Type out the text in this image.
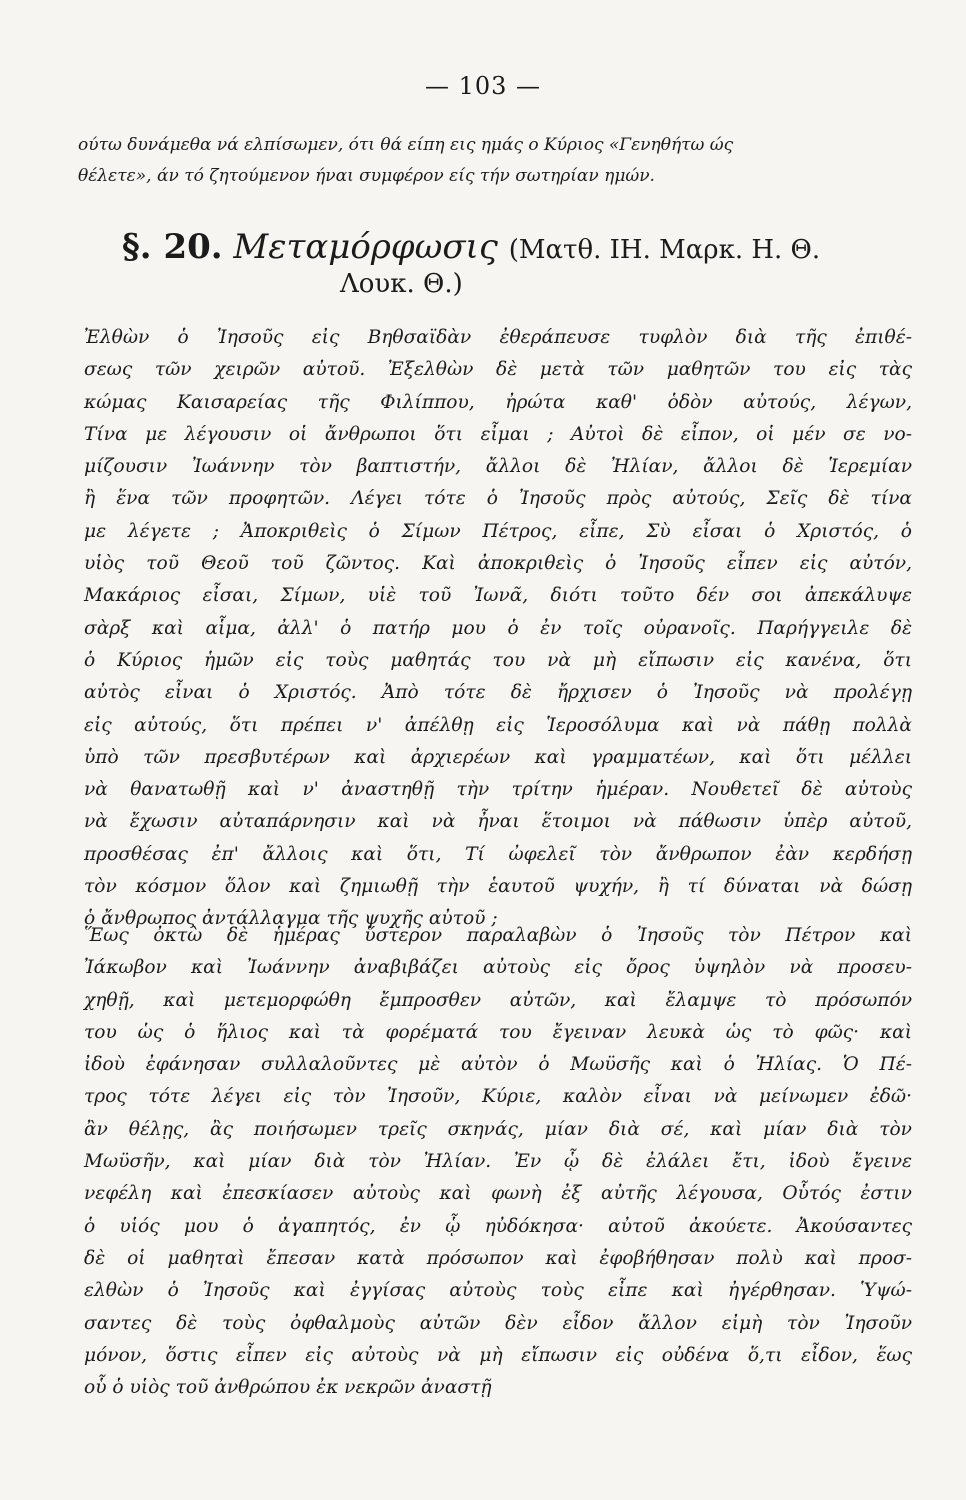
— 103 —
ούτω δυνάμεθα νά ελπίσωμεν, ότι θά είπη εις ημάς ο Κύριος «Γενηθήτω ώς
θέλετε», άν τό ζητούμενον ήναι συμφέρον είς τήν σωτηρίαν ημών.
§. 20. Μεταμόρφωσις (Ματθ. ΙΗ. Μαρκ. Η. Θ.
Λουκ. Θ.)
Ἐλθὼν ὁ Ἰησοῦς εἰς Βηθσαϊδὰν ἐθεράπευσε τυφλὸν διὰ τῆς ἐπιθέ-
σεως τῶν χειρῶν αὐτοῦ. Ἐξελθὼν δὲ μετὰ τῶν μαθητῶν του εἰς τὰς
κώμας Καισαρείας τῆς Φιλίππου, ἠρώτα καθ' ὁδὸν αὐτούς, λέγων,
Τίνα με λέγουσιν οἱ ἄνθρωποι ὅτι εἶμαι ; Αὐτοὶ δὲ εἶπον, οἱ μέν σε νο-
μίζουσιν Ἰωάννην τὸν βαπτιστήν, ἄλλοι δὲ Ἠλίαν, ἄλλοι δὲ Ἱερεμίαν
ἢ ἕνα τῶν προφητῶν. Λέγει τότε ὁ Ἰησοῦς πρὸς αὐτούς, Σεῖς δὲ τίνα
με λέγετε ; Ἀποκριθεὶς ὁ Σίμων Πέτρος, εἶπε, Σὺ εἶσαι ὁ Χριστός, ὁ
υἱὸς τοῦ Θεοῦ τοῦ ζῶντος. Καὶ ἀποκριθεὶς ὁ Ἰησοῦς εἶπεν εἰς αὐτόν,
Μακάριος εἶσαι, Σίμων, υἱὲ τοῦ Ἰωνᾶ, διότι τοῦτο δέν σοι ἀπεκάλυψε
σὰρξ καὶ αἷμα, ἀλλ' ὁ πατήρ μου ὁ ἐν τοῖς οὐρανοῖς. Παρήγγειλε δὲ
ὁ Κύριος ἡμῶν εἰς τοὺς μαθητάς του νὰ μὴ εἴπωσιν εἰς κανένα, ὅτι
αὐτὸς εἶναι ὁ Χριστός. Ἀπὸ τότε δὲ ἤρχισεν ὁ Ἰησοῦς νὰ προλέγῃ
εἰς αὐτούς, ὅτι πρέπει ν' ἀπέλθῃ εἰς Ἱεροσόλυμα καὶ νὰ πάθῃ πολλὰ
ὑπὸ τῶν πρεσβυτέρων καὶ ἀρχιερέων καὶ γραμματέων, καὶ ὅτι μέλλει
νὰ θανατωθῇ καὶ ν' ἀναστηθῇ τὴν τρίτην ἡμέραν. Νουθετεῖ δὲ αὐτοὺς
νὰ ἔχωσιν αὐταπάρνησιν καὶ νὰ ἦναι ἕτοιμοι νὰ πάθωσιν ὑπὲρ αὐτοῦ,
προσθέσας ἐπ' ἄλλοις καὶ ὅτι, Τί ὠφελεῖ τὸν ἄνθρωπον ἐὰν κερδήσῃ
τὸν κόσμον ὅλον καὶ ζημιωθῇ τὴν ἑαυτοῦ ψυχήν, ἢ τί δύναται νὰ δώσῃ
ὁ ἄνθρωπος ἀντάλλαγμα τῆς ψυχῆς αὐτοῦ ;
Ἕως ὀκτὼ δὲ ἡμέρας ὕστερον παραλαβὼν ὁ Ἰησοῦς τὸν Πέτρον καὶ
Ἰάκωβον καὶ Ἰωάννην ἀναβιβάζει αὐτοὺς εἰς ὄρος ὑψηλὸν νὰ προσευ-
χηθῇ, καὶ μετεμορφώθη ἔμπροσθεν αὐτῶν, καὶ ἔλαμψε τὸ πρόσωπόν
του ὡς ὁ ἥλιος καὶ τὰ φορέματά του ἔγειναν λευκὰ ὡς τὸ φῶς· καὶ
ἰδοὺ ἐφάνησαν συλλαλοῦντες μὲ αὐτὸν ὁ Μωϋσῆς καὶ ὁ Ἠλίας. Ὁ Πέ-
τρος τότε λέγει εἰς τὸν Ἰησοῦν, Κύριε, καλὸν εἶναι νὰ μείνωμεν ἐδῶ·
ἂν θέλῃς, ἂς ποιήσωμεν τρεῖς σκηνάς, μίαν διὰ σέ, καὶ μίαν διὰ τὸν
Μωϋσῆν, καὶ μίαν διὰ τὸν Ἠλίαν. Ἐν ᾧ δὲ ἐλάλει ἔτι, ἰδοὺ ἔγεινε
νεφέλη καὶ ἐπεσκίασεν αὐτοὺς καὶ φωνὴ ἐξ αὐτῆς λέγουσα, Οὗτός ἐστιν
ὁ υἱός μου ὁ ἀγαπητός, ἐν ᾧ ηὐδόκησα· αὐτοῦ ἀκούετε. Ἀκούσαντες
δὲ οἱ μαθηταὶ ἔπεσαν κατὰ πρόσωπον καὶ ἐφοβήθησαν πολὺ καὶ προσ-
ελθὼν ὁ Ἰησοῦς καὶ ἐγγίσας αὐτοὺς τοὺς εἶπε καὶ ἠγέρθησαν. Ὑψώ-
σαντες δὲ τοὺς ὀφθαλμοὺς αὐτῶν δὲν εἶδον ἄλλον εἰμὴ τὸν Ἰησοῦν
μόνον, ὅστις εἶπεν εἰς αὐτοὺς νὰ μὴ εἴπωσιν εἰς οὐδένα ὅ,τι εἶδον, ἕως
οὗ ὁ υἱὸς τοῦ ἀνθρώπου ἐκ νεκρῶν ἀναστῇ
